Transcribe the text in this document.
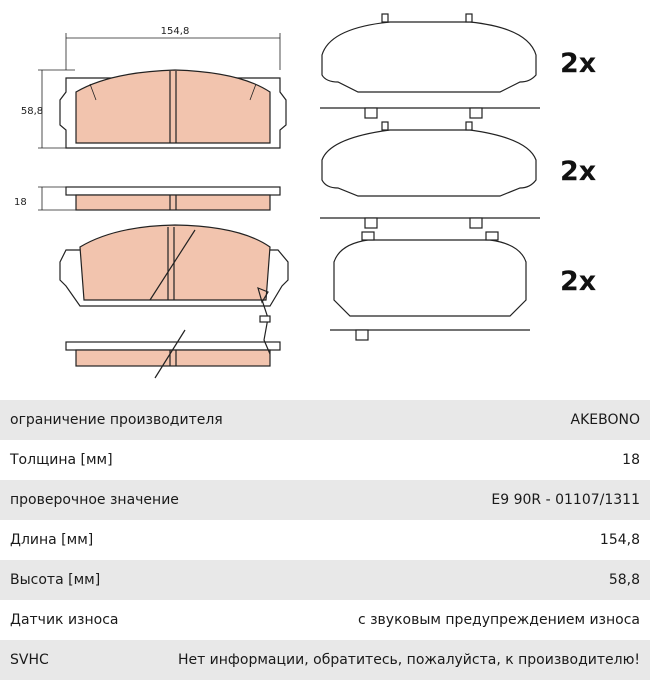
154,8
58,8
18
2x
2x
2x
ограничение производителя	AKEBONO
Толщина [мм]	18
проверочное значение	E9 90R - 01107/1311
Длина [мм]	154,8
Высота [мм]	58,8
Датчик износа	с звуковым предупреждением износа
SVHC	Нет информации, обратитесь, пожалуйста, к производителю!
